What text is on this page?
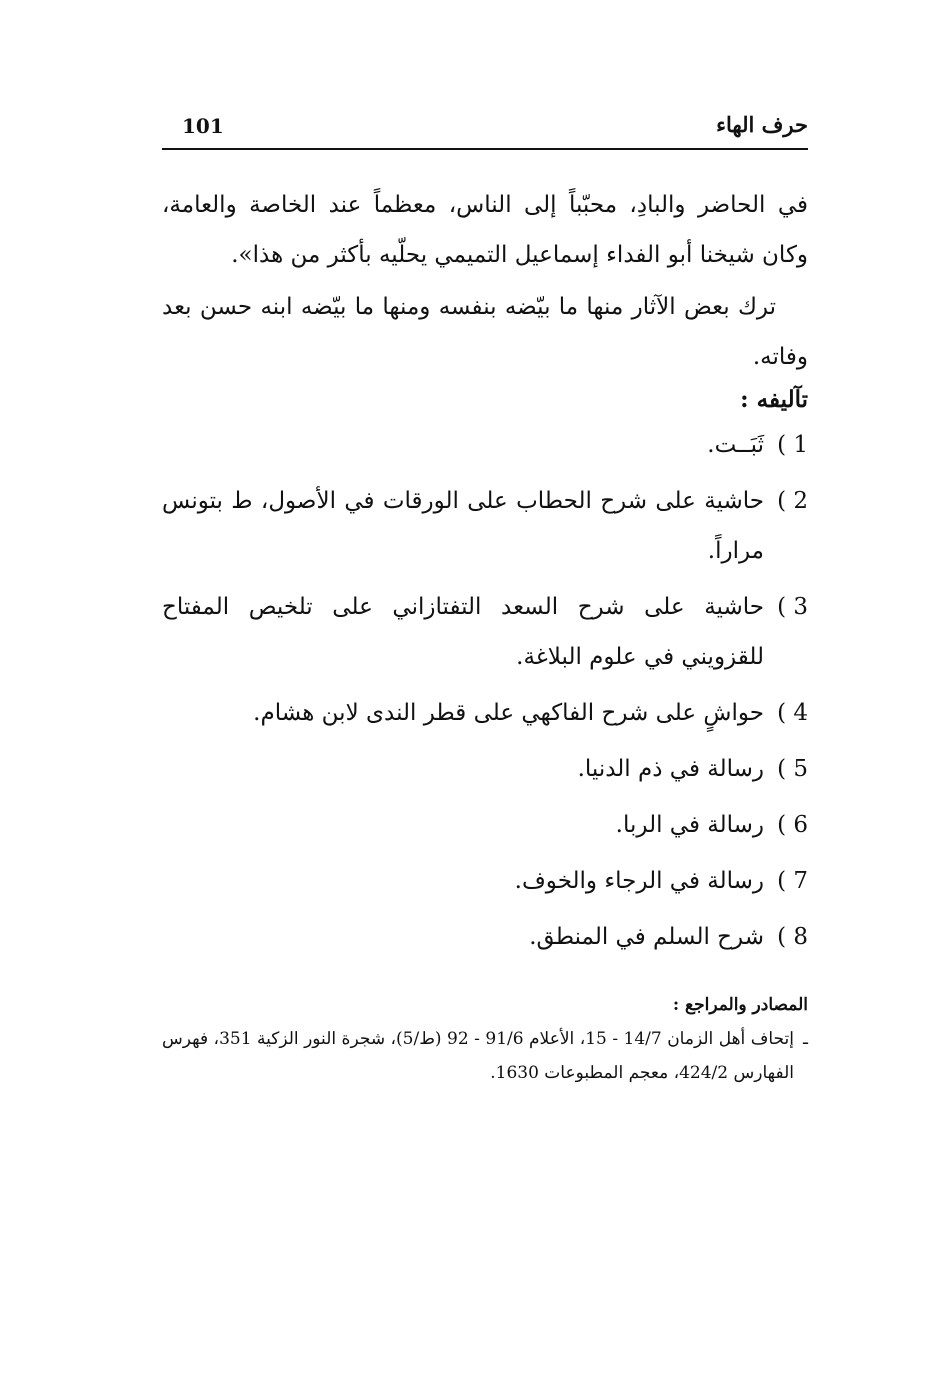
101	حرف الهاء

في الحاضر والبادِ، محبّباً إلى الناس، معظماً عند الخاصة والعامة، وكان شيخنا أبو الفداء إسماعيل التميمي يحلّيه بأكثر من هذا».

ترك بعض الآثار منها ما بيّضه بنفسه ومنها ما بيّضه ابنه حسن بعد وفاته.

تآليفه :
1 )
ثَبَــت.
2 )
حاشية على شرح الحطاب على الورقات في الأصول، ط بتونس مراراً.
3 )
حاشية على شرح السعد التفتازاني على تلخيص المفتاح للقزويني في علوم البلاغة.
4 )
حواشٍ على شرح الفاكهي على قطر الندى لابن هشام.
5 )
رسالة في ذم الدنيا.
6 )
رسالة في الربا.
7 )
رسالة في الرجاء والخوف.
8 )
شرح السلم في المنطق.
المصادر والمراجع :
ـ
إتحاف أهل الزمان 14/7 - 15، الأعلام 91/6 - 92 (ط/5)، شجرة النور الزكية 351، فهرس الفهارس 424/2، معجم المطبوعات 1630.
